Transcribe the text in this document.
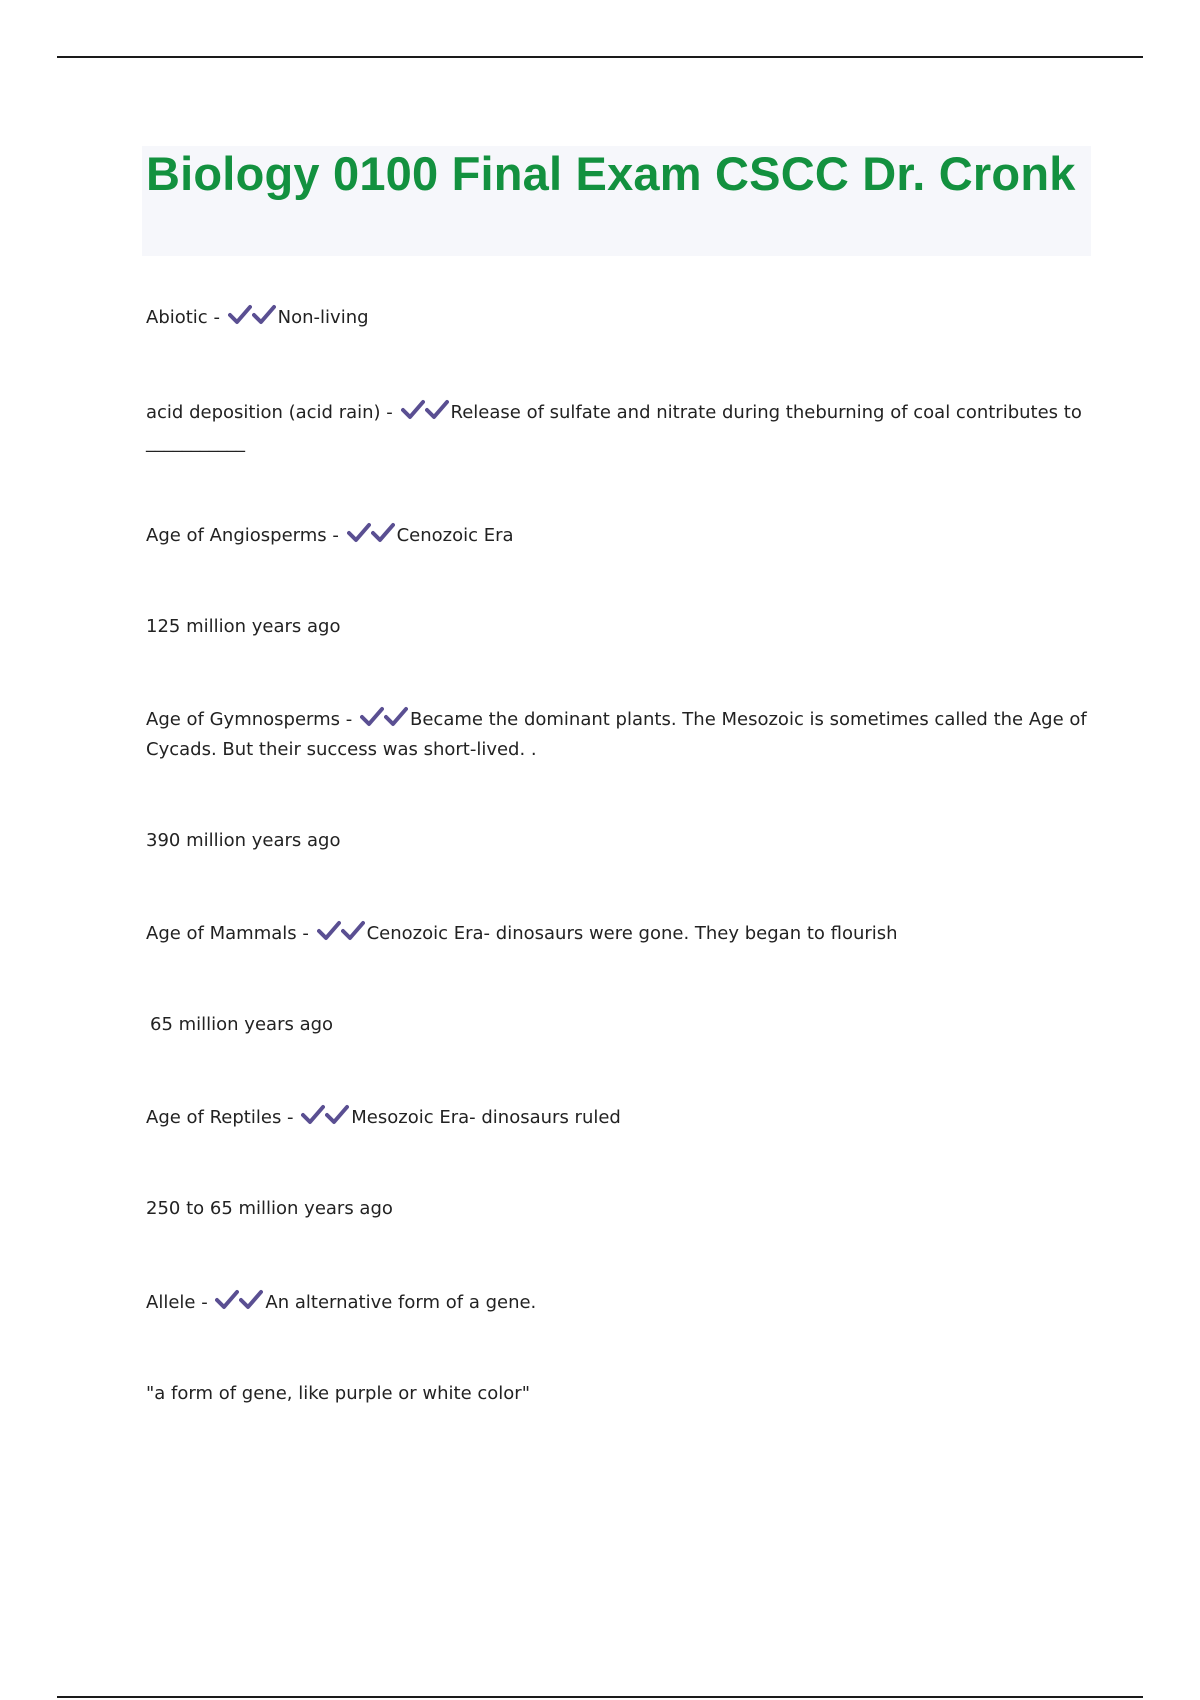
Biology 0100 Final Exam CSCC Dr. Cronk
Abiotic -	Non-living
acid deposition (acid rain) -	Release of sulfate and nitrate during theburning of coal contributes to
___________
Age of Angiosperms -	Cenozoic Era
125 million years ago
Age of Gymnosperms -	Became the dominant plants. The Mesozoic is sometimes called the Age of Cycads. But their success was short-lived. .
390 million years ago
Age of Mammals -	Cenozoic Era- dinosaurs were gone. They began to flourish
65 million years ago
Age of Reptiles -	Mesozoic Era- dinosaurs ruled
250 to 65 million years ago
Allele -	An alternative form of a gene.
"a form of gene, like purple or white color"
